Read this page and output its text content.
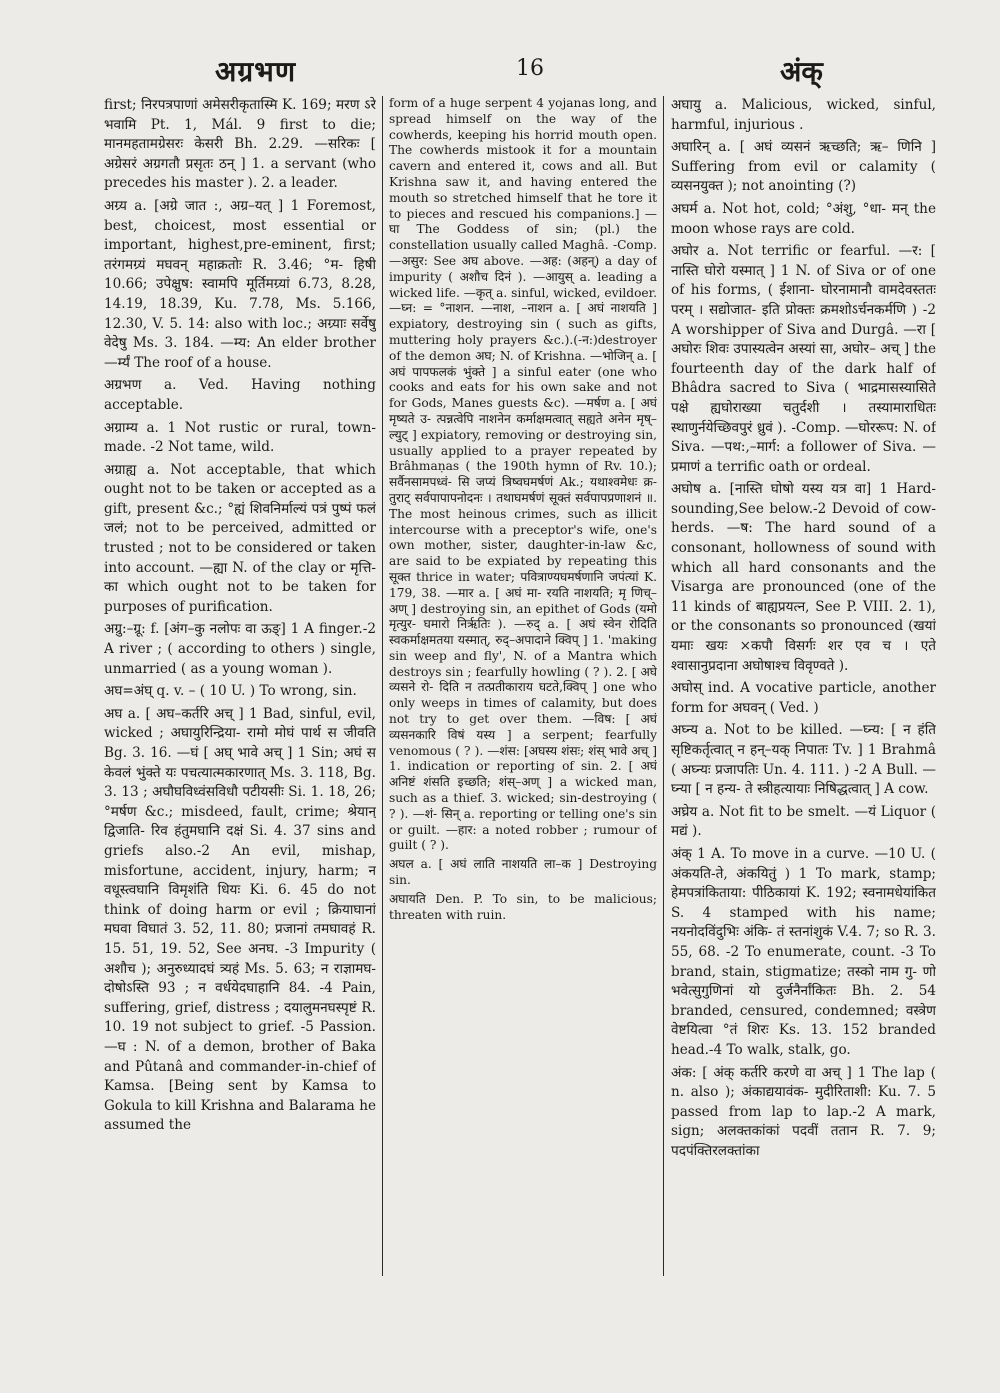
अग्रभण	16	अंक्

first; निरपत्रपाणां अमेसरीकृतास्मि K. 169; मरण ऽरे भवामि Pt. 1, Mál. 9 first to die; मानमहतामग्रेसरः केसरी Bh. 2.29. —सरिकः [ अग्रेसरं अग्रगतौ प्रसृतः ठन् ] 1. a servant (who precedes his master ). 2. a leader.

अग्र्य a. [अग्रे जात :, अग्र–यत् ] 1 Foremost, best, choicest, most essential or important, highest,pre-eminent, first; तरंगमग्र्यं मघवन् महाक्रतोः R. 3.46; °म- हिषी 10.66; उपेक्षुष: स्वामपि मूर्तिमग्र्यां 6.73, 8.28, 14.19, 18.39, Ku. 7.78, Ms. 5.166, 12.30, V. 5. 14: also with loc.; अग्र्याः सर्वेषु वेदेषु Ms. 3. 184. —म्य: An elder brother —र्म्यं The roof of a house.

अग्रभण a. Ved. Having nothing acceptable.

अग्राम्य a. 1 Not rustic or rural, town-made. -2 Not tame, wild.

अग्राह्य a. Not acceptable, that which ought not to be taken or accepted as a gift, present &c.; °ह्यं शिवनिर्माल्यं पत्रं पुष्पं फलं जलं; not to be perceived, admitted or trusted ; not to be considered or taken into account. —ह्या N. of the clay or मृत्ति- का which ought not to be taken for purposes of purification.

अग्रु:–ग्रू: f. [अंग–कु नलोपः वा ऊङ्] 1 A finger.-2 A river ; ( according to others ) single, unmarried ( as a young woman ).

अघ=अंघ् q. v. – ( 10 U. ) To wrong, sin.

अघ a. [ अघ–कर्तरि अच् ] 1 Bad, sinful, evil, wicked ; अघायुरिन्द्रिया- रामो मोघं पार्थ स जीवति Bg. 3. 16. —घं [ अघ् भावे अच् ] 1 Sin; अघं स केवलं भुंक्ते यः पचत्यात्मकारणात् Ms. 3. 118, Bg. 3. 13 ; अघौघविध्वंसविधौ पटीयसीः Si. 1. 18, 26; °मर्षण &c.; misdeed, fault, crime; श्रेयान् द्विजाति- रिव हंतुमघानि दक्षं Si. 4. 37 sins and griefs also.-2 An evil, mishap, misfortune, accident, injury, harm; न वधूस्त्वघानि विमृशंति धियः Ki. 6. 45 do not think of doing harm or evil ; क्रियाघानां मघवा विघातं 3. 52, 11. 80; प्रजानां तमघावहं R. 15. 51, 19. 52, See अनघ. -3 Impurity ( अशौच ); अनुरुध्यादघं त्र्यहं Ms. 5. 63; न राज्ञामघ- दोषोऽस्ति 93 ; न वर्धयेदघाहानि 84. -4 Pain, suffering, grief, distress ; दयालुमनघस्पृष्टं R. 10. 19 not subject to grief. -5 Passion. —घ : N. of a demon, brother of Baka and Pûtanâ and commander-in-chief of Kamsa. [Being sent by Kamsa to Gokula to kill Krishna and Balarama he assumed the

form of a huge serpent 4 yojanas long, and spread himself on the way of the cowherds, keeping his horrid mouth open. The cowherds mistook it for a mountain cavern and entered it, cows and all. But Krishna saw it, and having entered the mouth so stretched himself that he tore it to pieces and rescued his companions.] —घा The Goddess of sin; (pl.) the constellation usually called Maghâ. -Comp. —असुर: See अघ above. —अह: (अहन्) a day of impurity ( अशौच दिनं ). —आयुस् a. leading a wicked life. —कृत् a. sinful, wicked, evildoer. —घ्न: = °नाशन. —नाश, –नाशन a. [ अघं नाशयति ] expiatory, destroying sin ( such as gifts, muttering holy prayers &c.).(-न:)destroyer of the demon अघ; N. of Krishna. —भोजिन् a. [ अघं पापफलकं भुंक्ते ] a sinful eater (one who cooks and eats for his own sake and not for Gods, Manes guests &c). —मर्षण a. [ अघं मृष्यते उ- त्पन्नत्वेपि नाशनेन कर्माक्षमत्वात् सह्यते अनेन मृष्–ल्युट् ] expiatory, removing or destroying sin, usually applied to a prayer repeated by Brâhmaṇas ( the 190th hymn of Rv. 10.); सर्वैनसामपध्वं- सि जप्यं त्रिष्वघमर्षणं Ak.; यथाश्वमेधः क्र- तुराट् सर्वपापापनोदनः । तथाघमर्षणं सूक्तं सर्वपापप्रणाशनं ॥. The most heinous crimes, such as illicit intercourse with a preceptor's wife, one's own mother, sister, daughter-in-law &c, are said to be expiated by repeating this सूक्त thrice in water; पवित्राण्यघमर्षणानि जपंत्यां K. 179, 38. —मार a. [ अघं मा- रयति नाशयति; मृ णिच्–अण् ] destroying sin, an epithet of Gods (यमो मृत्युर- घमारो निर्ऋतिः ). —रुद् a. [ अघं स्वेन रोदिति स्वकर्माक्षमतया यस्मात्, रुद्–अपादाने क्विप् ] 1. 'making sin weep and fly', N. of a Mantra which destroys sin ; fearfully howling ( ? ). 2. [ अघे व्यसने रो- दिति न तत्प्रतीकाराय घटते,क्विप् ] one who only weeps in times of calamity, but does not try to get over them. —विष: [ अघं व्यसनकारि विषं यस्य ] a serpent; fearfully venomous ( ? ). —शंस: [अघस्य शंसः; शंस् भावे अच् ] 1. indication or reporting of sin. 2. [ अघं अनिष्टं शंसति इच्छति; शंस्–अण् ] a wicked man, such as a thief. 3. wicked; sin-destroying ( ? ). —शं- सिन् a. reporting or telling one's sin or guilt. —हार: a noted robber ; rumour of guilt ( ? ).

अघल a. [ अघं लाति नाशयति ला–क ] Destroying sin.

अघायति Den. P. To sin, to be malicious; threaten with ruin.

अघायु a. Malicious, wicked, sinful, harmful, injurious .

अघारिन् a. [ अघं व्यसनं ऋच्छति; ऋ– णिनि ] Suffering from evil or calamity ( व्यसनयुक्त ); not anointing (?)

अघर्म a. Not hot, cold; °अंशु, °धा- मन् the moon whose rays are cold.

अघोर a. Not terrific or fearful. —र: [ नास्ति घोरो यस्मात् ] 1 N. of Siva or of one of his forms, ( ईशाना- घोरनामानौ वामदेवस्ततः परम् । सद्योजात- इति प्रोक्तः क्रमशोऽर्चनकर्मणि ) -2 A worshipper of Siva and Durgâ. —रा [ अघोरः शिवः उपास्यत्वेन अस्यां सा, अघोर– अच् ] the fourteenth day of the dark half of Bhâdra sacred to Siva ( भाद्रमासस्यासिते पक्षे ह्यघोराख्या चतुर्दशी । तस्यामाराधितः स्थाणुर्नयेच्छिवपुरं ध्रुवं ). -Comp. —घोररूप: N. of Siva. —पथ:,–मार्ग: a follower of Siva. —प्रमाणं a terrific oath or ordeal.

अघोष a. [नास्ति घोषो यस्य यत्र वा] 1 Hard-sounding,See below.-2 Devoid of cow-herds. —ष: The hard sound of a consonant, hollowness of sound with which all hard consonants and the Visarga are pronounced (one of the 11 kinds of बाह्यप्रयत्न, See P. VIII. 2. 1), or the consonants so pronounced (खयां यमाः खयः ×कपौ विसर्गः शर एव च । एते श्वासानुप्रदाना अघोषाश्च विवृण्वते ).

अघोस् ind. A vocative particle, another form for अघवन् ( Ved. )

अघ्न्य a. Not to be killed. —घ्न्य: [ न हंति सृष्टिकर्तृत्वात् न हन्–यक् निपातः Tv. ] 1 Brahmâ ( अघ्न्यः प्रजापतिः Un. 4. 111. ) -2 A Bull. —घ्न्या [ न हन्य- ते स्त्रीहत्यायाः निषिद्धत्वात् ] A cow.

अघ्रेय a. Not fit to be smelt. —यं Liquor ( मद्यं ).

अंक् 1 A. To move in a curve. —10 U. ( अंकयति-ते, अंकयितुं ) 1 To mark, stamp; हेमपत्रांकिताया: पीठिकायां K. 192; स्वनामधेयांकित S. 4 stamped with his name; नयनोदविंदुभिः अंकि- तं स्तनांशुकं V.4. 7; so R. 3. 55, 68. -2 To enumerate, count. -3 To brand, stain, stigmatize; तस्को नाम गु- णो भवेत्सुगुणिनां यो दुर्जनैर्नांकितः Bh. 2. 54 branded, censured, condemned; वस्त्रेण वेष्टयित्वा °तं शिरः Ks. 13. 152 branded head.-4 To walk, stalk, go.

अंक: [ अंक् कर्तरि करणे वा अच् ] 1 The lap ( n. also ); अंकाद्ययावंक- मुदीरिताशी: Ku. 7. 5 passed from lap to lap.-2 A mark, sign; अलक्तकांकां पदवीं ततान R. 7. 9; पदपंक्तिरलक्तांका
